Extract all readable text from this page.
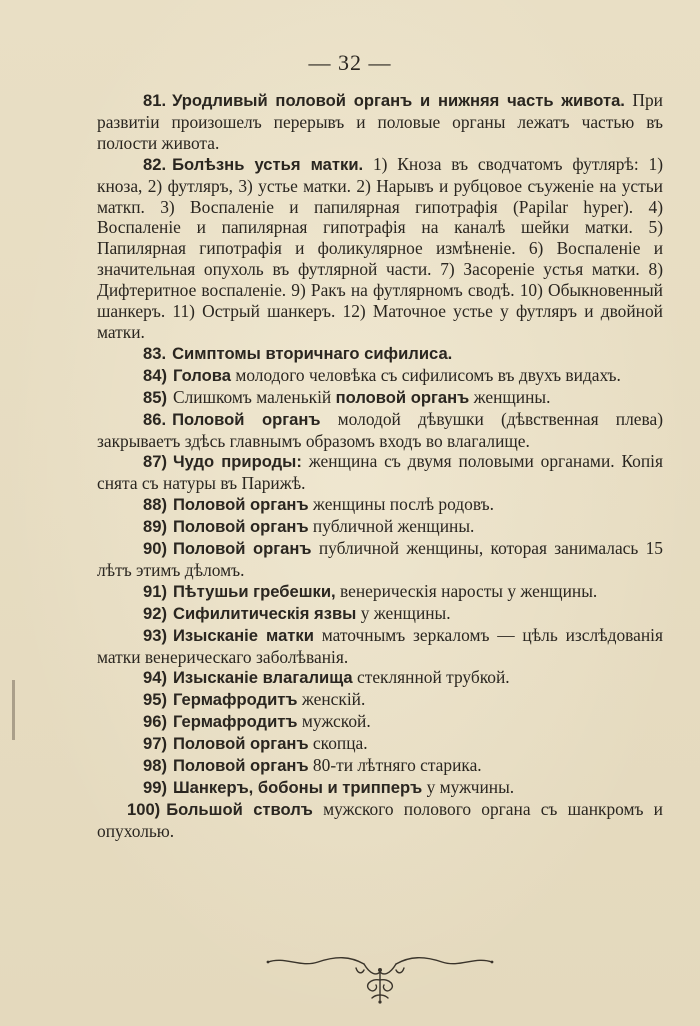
— 32 —

81. Уродливый половой органъ и нижняя часть живота. При развитіи произошелъ перерывъ и половые органы лежатъ частью въ полости живота.

82. Болѣзнь устья матки. 1) Кноза въ сводчатомъ футлярѣ: 1) кноза, 2) футляръ, 3) устье матки. 2) Нарывъ и рубцовое съуженіе на устьи маткп. 3) Воспаленіе и папилярная гипотрафія (Papilar hyper). 4) Воспаленіе и папилярная гипотрафія на каналѣ шейки матки. 5) Папилярная гипотрафія и фоликулярное измѣненіе. 6) Воспаленіе и значительная опухоль въ футлярной части. 7) Засореніе устья матки. 8) Дифтеритное воспаленіе. 9) Ракъ на футлярномъ сводѣ. 10) Обыкновенный шанкеръ. 11) Острый шанкеръ. 12) Маточное устье у футляръ и двойной матки.

83. Симптомы вторичнаго сифилиса.

84) Голова молодого человѣка съ сифилисомъ въ двухъ видахъ.

85) Слишкомъ маленькій половой органъ женщины.

86. Половой органъ молодой дѣвушки (дѣвственная плева) закрываетъ здѣсь главнымъ образомъ входъ во влагалище.

87) Чудо природы: женщина съ двумя половыми органами. Копія снята съ натуры въ Парижѣ.

88) Половой органъ женщины послѣ родовъ.

89) Половой органъ публичной женщины.

90) Половой органъ публичной женщины, которая занималась 15 лѣтъ этимъ дѣломъ.

91) Пѣтушьи гребешки, венерическія наросты у женщины.

92) Сифилитическія язвы у женщины.

93) Изысканіе матки маточнымъ зеркаломъ — цѣль изслѣдованія матки венерическаго заболѣванія.

94) Изысканіе влагалища стеклянной трубкой.

95) Гермафродитъ женскій.

96) Гермафродитъ мужской.

97) Половой органъ скопца.

98) Половой органъ 80-ти лѣтняго старика.

99) Шанкеръ, бобоны и трипперъ у мужчины.

100) Большой стволъ мужского полового органа съ шанкромъ и опухолью.
